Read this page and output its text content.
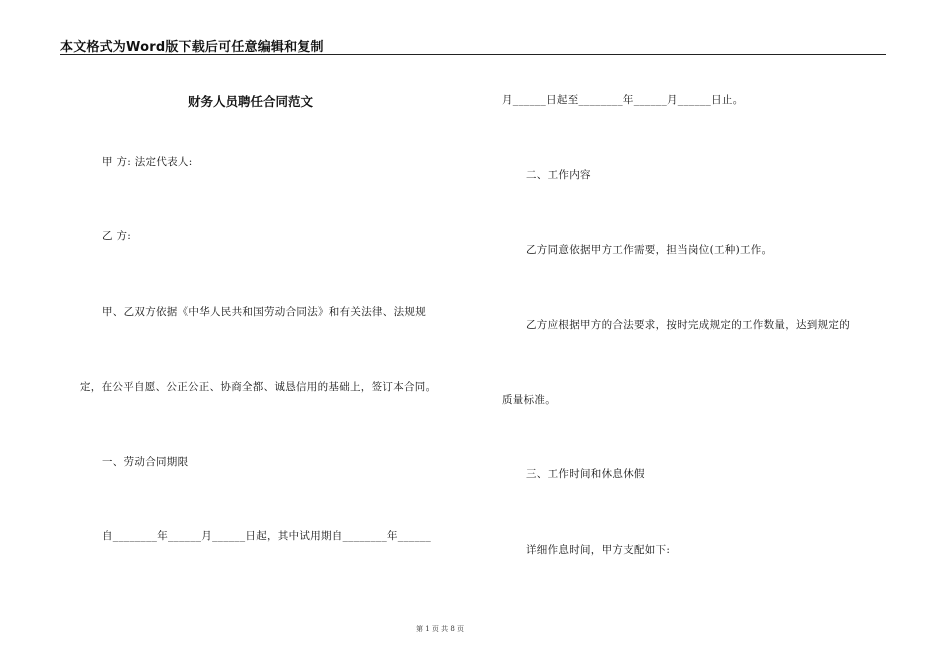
本文格式为Word版下载后可任意编辑和复制
财务人员聘任合同范文
甲 方: 法定代表人:
乙 方:
甲、乙双方依据《中华人民共和国劳动合同法》和有关法律、法规规
定，在公平自愿、公正公正、协商全都、诚恳信用的基础上，签订本合同。
一、劳动合同期限
自________年______月______日起，其中试用期自________年______
月______日起至________年______月______日止。
二、工作内容
乙方同意依据甲方工作需要，担当岗位(工种)工作。
乙方应根据甲方的合法要求，按时完成规定的工作数量，达到规定的
质量标准。
三、工作时间和休息休假
详细作息时间，甲方支配如下:
第 1 页 共 8 页
